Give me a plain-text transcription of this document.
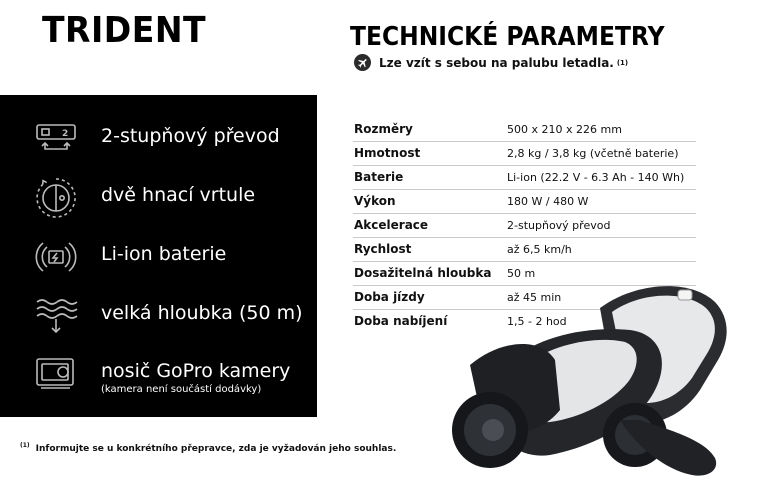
TRIDENT	TECHNICKÉ PARAMETRY
Lze vzít s sebou na palubu letadla. (1)
2 2-stupňový převod
dvě hnací vrtule
Li-ion baterie
velká hloubka (50 m)
nosič GoPro kamery
(kamera není součástí dodávky)
Rozměry	500 x 210 x 226 mm
Hmotnost	2,8 kg / 3,8 kg (včetně baterie)
Baterie	Li-ion (22.2 V - 6.3 Ah - 140 Wh)
Výkon	180 W / 480 W
Akcelerace	2-stupňový převod
Rychlost	až 6,5 km/h
Dosažitelná hloubka 50 m
Doba jízdy	až 45 min
Doba nabíjení	1,5 - 2 hod
$^{(1)}$ Informujte se u konkrétního přepravce, zda je vyžadován jeho souhlas.
